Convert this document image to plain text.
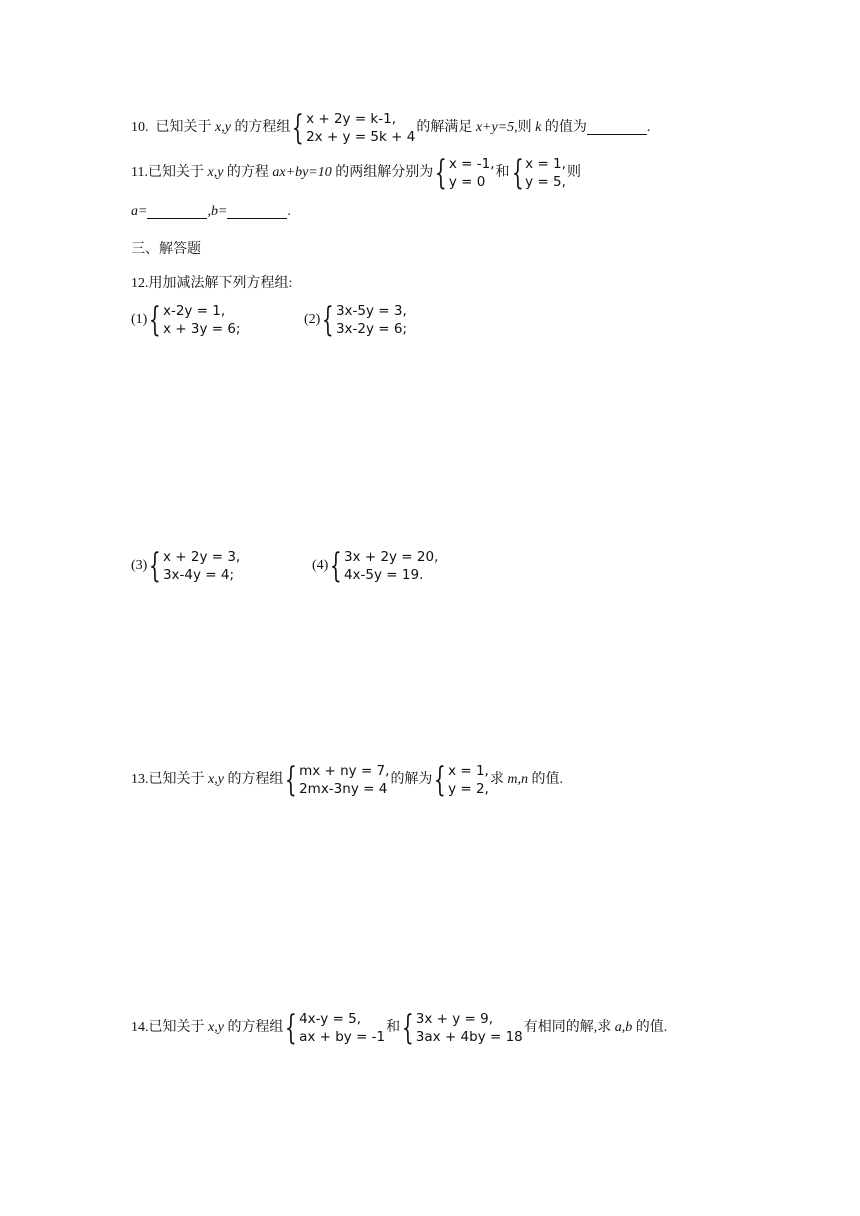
10.
已知关于
x,y
的方程组 { x + 2y = k-1,
2x + y = 5k + 4
的解满足
x+y=5 ,则
k
的值为	.
11. 已知关于
x,y
的方程
ax+by=10
的两组解分别为 { x = -1,
y = 0
和 { x = 1,
y = 5,
则
a=	, b=	.
三、解答题
12.用加减法解下列方程组:
(1) { x-2y = 1,
x + 3y = 6;
(2) { 3x-5y = 3,
3x-2y = 6;
(3) { x + 2y = 3,
3x-4y = 4;
(4) { 3x + 2y = 20,
4x-5y = 19.
13. 已知关于
x,y
的方程组 { mx + ny = 7,
2mx-3ny = 4
的解为 { x = 1,
y = 2,
求
m,n
的值.
14. 已知关于
x,y
的方程组 { 4x-y = 5,
ax + by = -1
和 { 3x + y = 9,
3ax + 4by = 18
有相同的解,求
a,b
的值.
